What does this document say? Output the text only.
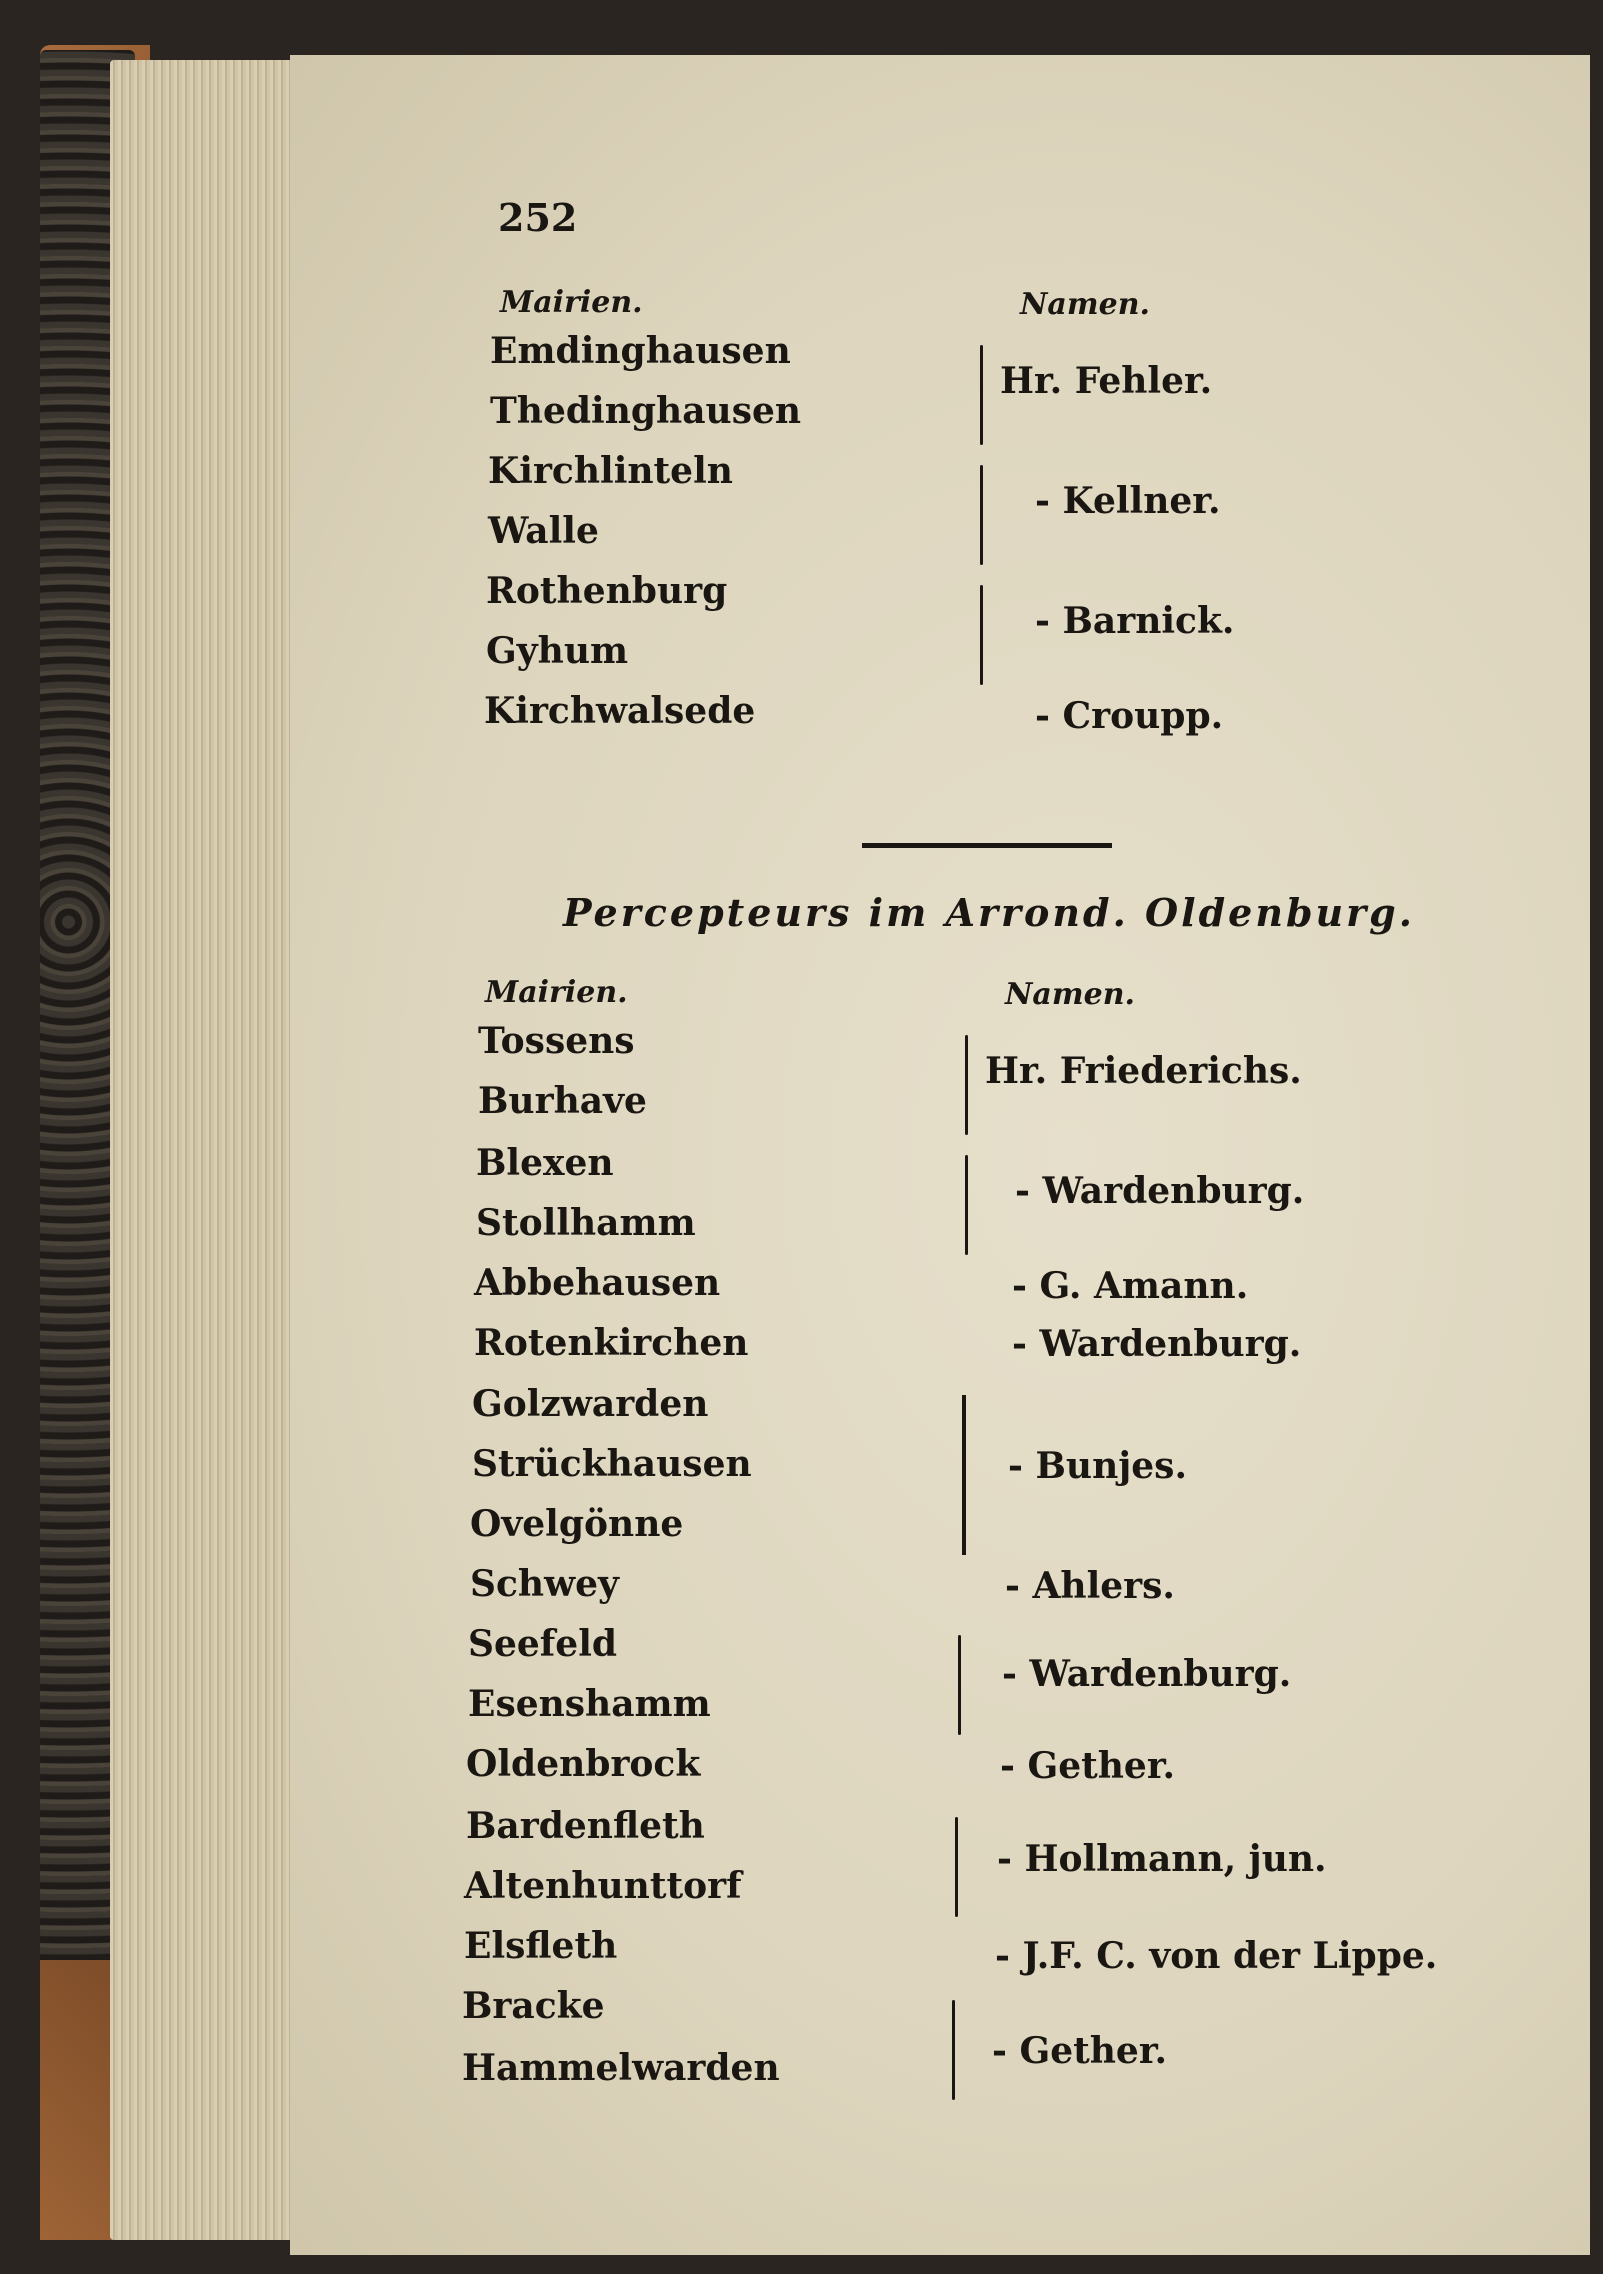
252
Mairien.	Namen.
Emdinghausen
Thedinghausen
Kirchlinteln
Walle
Rothenburg
Gyhum
Kirchwalsede
Hr. Fehler.
- Kellner.
- Barnick.
- Croupp.
Percepteurs im Arrond. Oldenburg.
Mairien.	Namen.
Tossens
Burhave
Blexen
Stollhamm
Abbehausen
Rotenkirchen
Golzwarden
Strückhausen
Ovelgönne
Schwey
Seefeld
Esenshamm
Oldenbrock
Bardenfleth
Altenhunttorf
Elsfleth
Bracke
Hammelwarden
Hr. Friederichs.
- Wardenburg.
- G. Amann.
- Wardenburg.
- Bunjes.
- Ahlers.
- Wardenburg.
- Gether.
- Hollmann, jun.
- J.F. C. von der Lippe.
- Gether.
